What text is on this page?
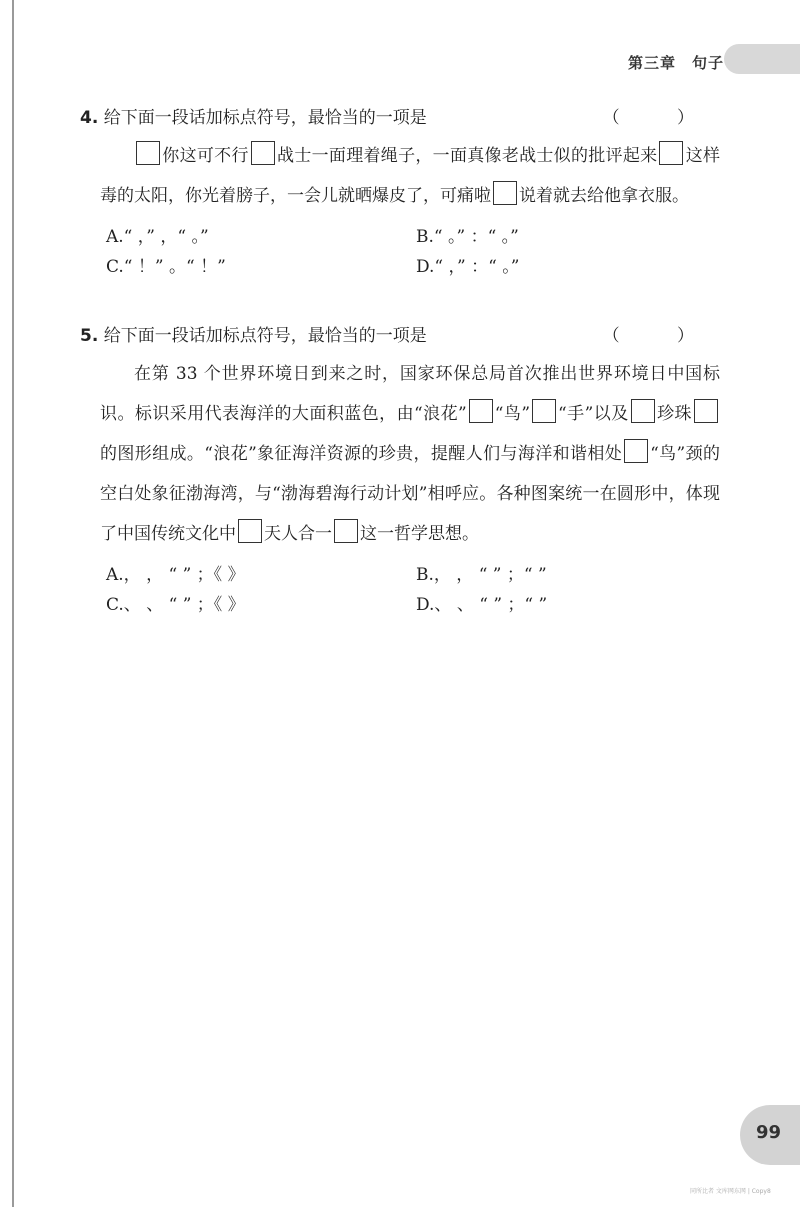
第三章　句子
4. 给下面一段话加标点符号，最恰当的一项是	（ ）
你这可不行 战士一面理着绳子，一面真像老战士似的批评起来 这样毒的太阳，你光着膀子，一会儿就晒爆皮了，可痛啦 说着就去给他拿衣服。
A.“ ，” ，“ 。”	B.“ 。” ：“ 。”
C.“ ！” 。“ ！”	D.“ ，” ：“ 。”
5. 给下面一段话加标点符号，最恰当的一项是	（ ）
在第 33 个世界环境日到来之时，国家环保总局首次推出世界环境日中国标识。标识采用代表海洋的大面积蓝色，由“浪花” “鸟” “手”以及 珍珠的图形组成。“浪花”象征海洋资源的珍贵，提醒人们与海洋和谐相处 “鸟”颈的空白处象征渤海湾，与“渤海碧海行动计划”相呼应。各种图案统一在圆形中，体现了中国传统文化中 天人合一 这一哲学思想。
A.， ， “ ” ；《 》	B.， ， “ ” ；“ ”
C.、 、 “ ” ；《 》	D.、 、 “ ” ；“ ”
99
同所比者 文库网东网 | Copy8
